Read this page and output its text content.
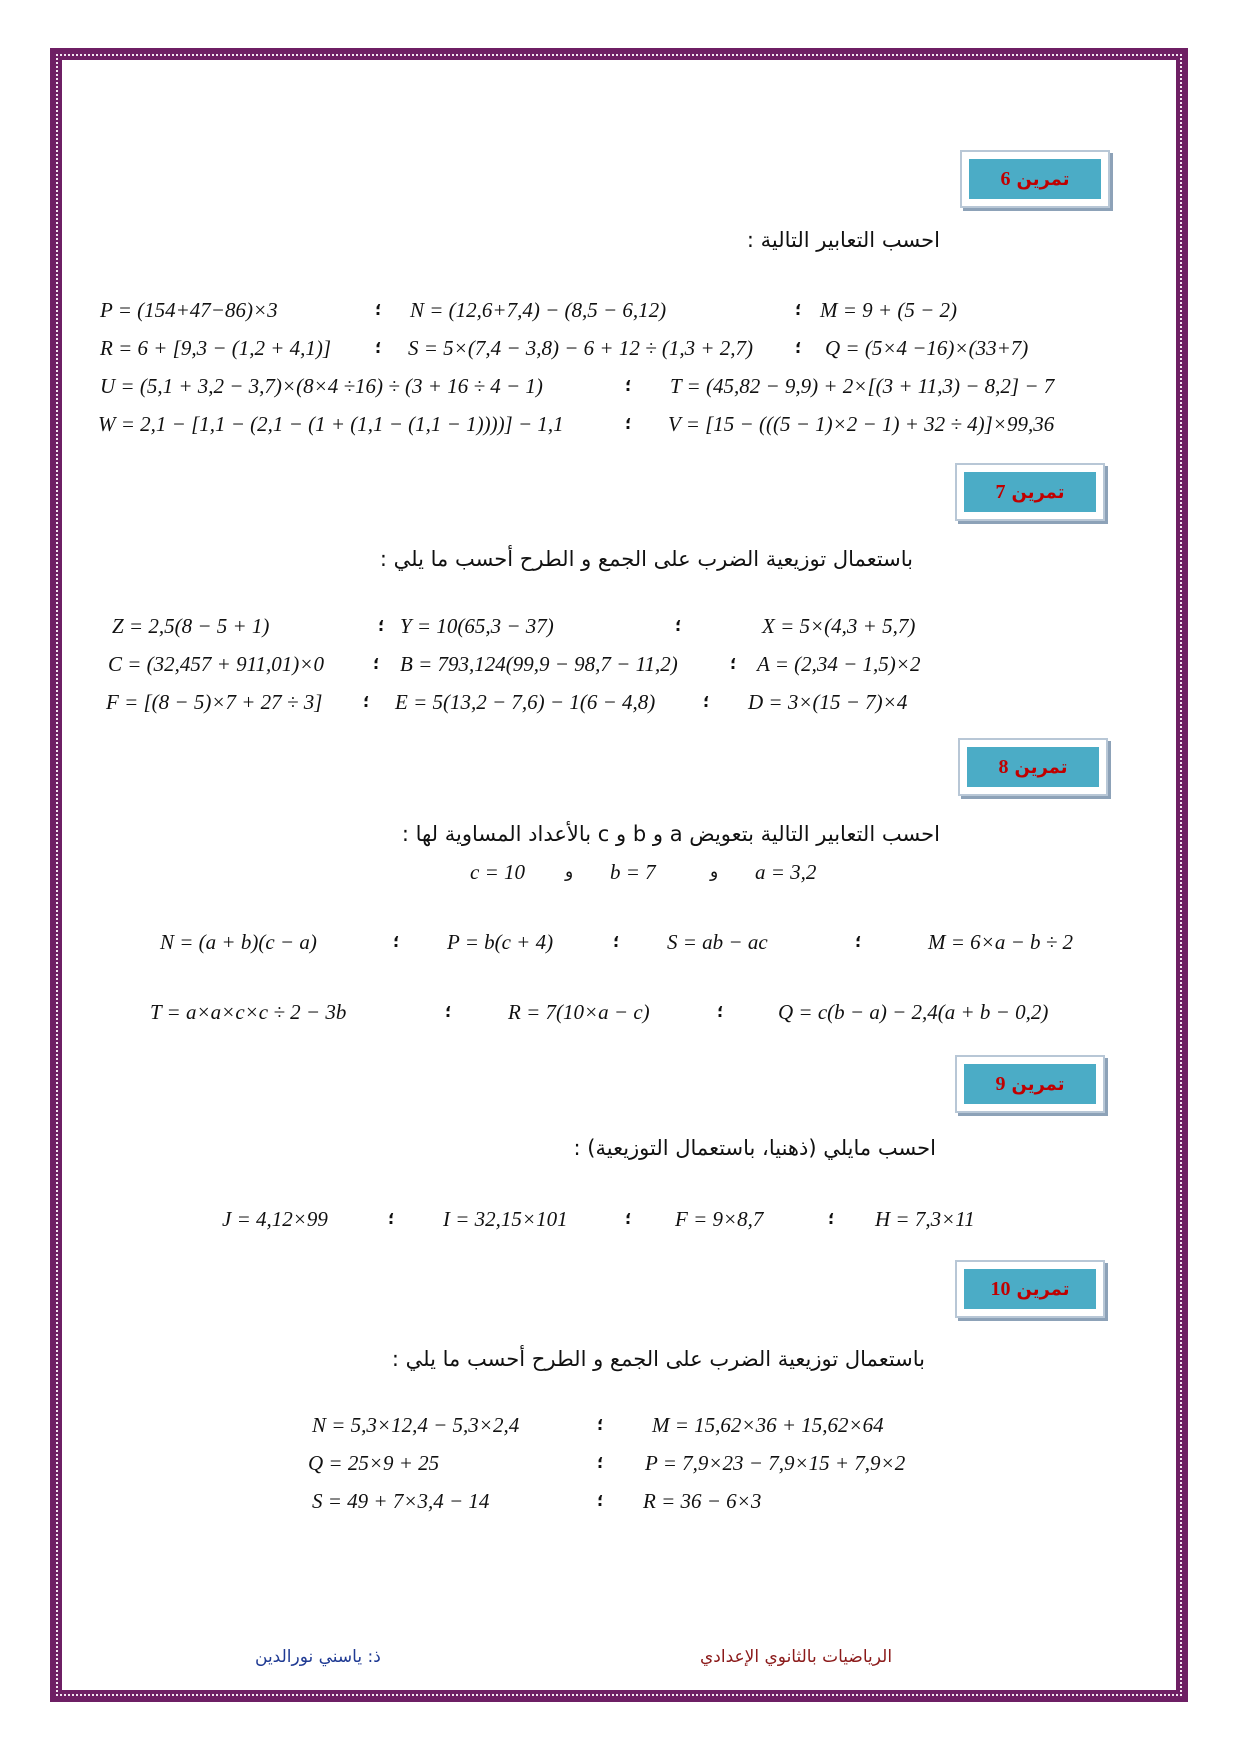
تمرين
6
احسب التعابير التالية :
P = (154+47−86)×3	؛ N = (12,6+7,4) − (8,5 − 6,12)	؛ M = 9 + (5 − 2)
R = 6 + [9,3 − (1,2 + 4,1)]	؛ S = 5×(7,4 − 3,8) − 6 + 12 ÷ (1,3 + 2,7)	؛ Q = (5×4 −16)×(33+7)
U = (5,1 + 3,2 − 3,7)×(8×4 ÷16) ÷ (3 + 16 ÷ 4 − 1)	؛ T = (45,82 − 9,9) + 2×[(3 + 11,3) − 8,2] − 7
W = 2,1 − [1,1 − (2,1 − (1 + (1,1 − (1,1 − 1))))] − 1,1	؛ V = [15 − (((5 − 1)×2 − 1) + 32 ÷ 4)]×99,36
تمرين
7
باستعمال توزيعية الضرب على الجمع و الطرح أحسب ما يلي :
Z = 2,5(8 − 5 + 1)	؛ Y = 10(65,3 − 37)	؛	X = 5×(4,3 + 5,7)
C = (32,457 + 911,01)×0	؛ B = 793,124(99,9 − 98,7 − 11,2)	؛ A = (2,34 − 1,5)×2
F = [(8 − 5)×7 + 27 ÷ 3]	؛ E = 5(13,2 − 7,6) − 1(6 − 4,8)	؛ D = 3×(15 − 7)×4
تمرين
8
احسب التعابير التالية بتعويض a و b و c بالأعداد المساوية لها :
c = 10 و b = 7	و a = 3,2
N = (a + b)(c − a)	؛ P = b(c + 4)	؛ S = ab − ac	؛	M = 6×a − b ÷ 2
T = a×a×c×c ÷ 2 − 3b	؛	R = 7(10×a − c)	؛	Q = c(b − a) − 2,4(a + b − 0,2)
تمرين
9
احسب مايلي (ذهنيا، باستعمال التوزيعية) :
J = 4,12×99	؛ I = 32,15×101	؛ F = 9×8,7	؛ H = 7,3×11
تمرين
10
باستعمال توزيعية الضرب على الجمع و الطرح أحسب ما يلي :
N = 5,3×12,4 − 5,3×2,4	؛ M = 15,62×36 + 15,62×64
Q = 25×9 + 25	؛ P = 7,9×23 − 7,9×15 + 7,9×2
S = 49 + 7×3,4 − 14	؛ R = 36 − 6×3
ذ: ياسني نورالدين	الرياضيات بالثانوي الإعدادي
